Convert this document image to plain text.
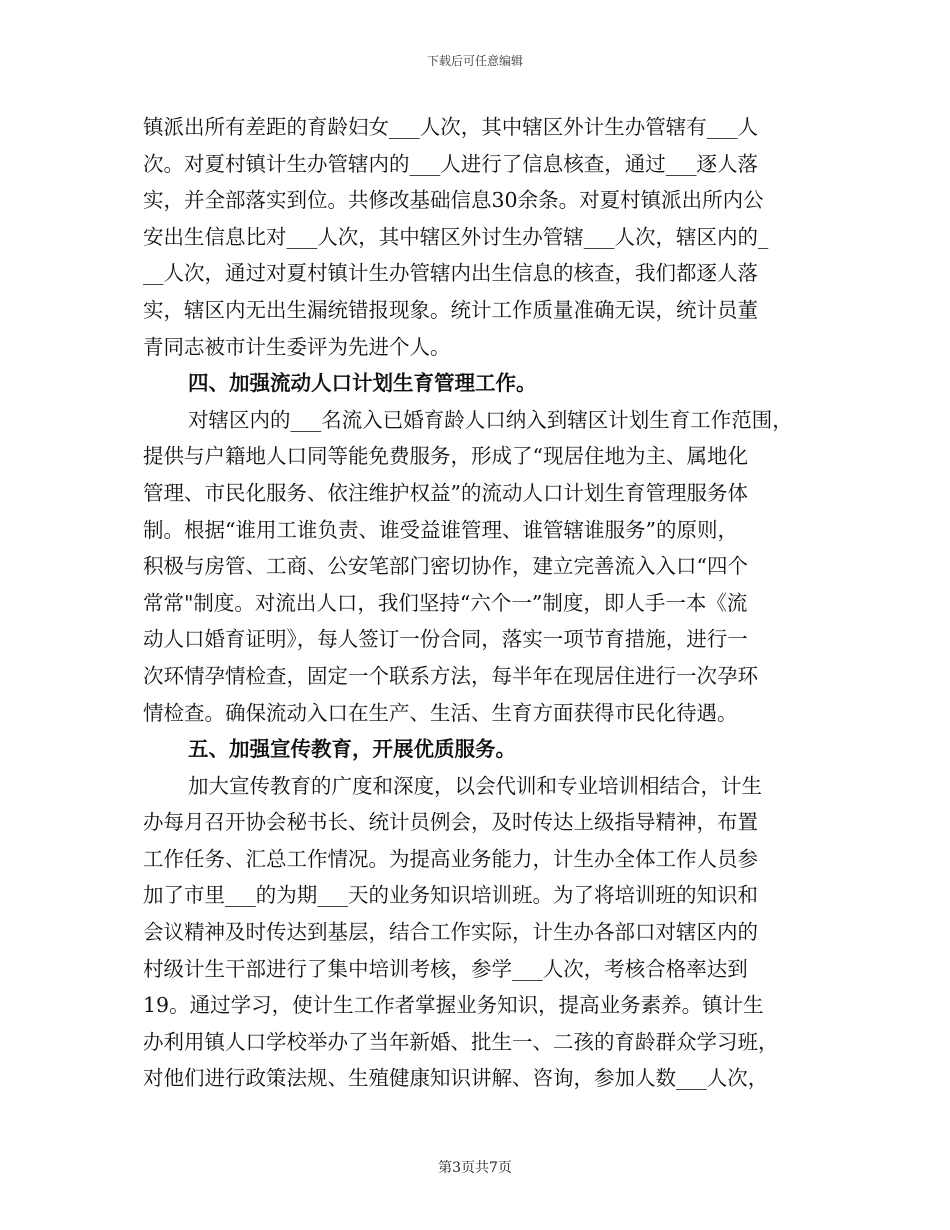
下载后可任意编辑
镇派出所有差距的育龄妇女___人次，其中辖区外计生办管辖有___人
次。对夏村镇计生办管辖内的___人进行了信息核查，通过___逐人落
实，并全部落实到位。共修改基础信息30余条。对夏村镇派出所内公
安出生信息比对___人次，其中辖区外讨生办管辖___人次，辖区内的_
__人次，通过对夏村镇计生办管辖内出生信息的核查，我们都逐人落
实，辖区内无出生漏统错报现象。统计工作质量准确无误，统计员董
青同志被市计生委评为先进个人。
四、加强流动人口计划生育管理工作。
对辖区内的___名流入已婚育龄人口纳入到辖区计划生育工作范围，
提供与户籍地人口同等能免费服务，形成了“现居住地为主、属地化
管理、市民化服务、依注维护权益”的流动人口计划生育管理服务体
制。根据“谁用工谁负责、谁受益谁管理、谁管辖谁服务”的原则，
积极与房管、工商、公安笔部门密切协作，建立完善流入入口“四个
常常"制度。对流出人口，我们坚持“六个一”制度，即人手一本《流
动人口婚育证明》，每人签订一份合同，落实一项节育措施，进行一
次环情孕情检查，固定一个联系方法，每半年在现居住进行一次孕环
情检查。确保流动入口在生产、生活、生育方面获得市民化待遇。
五、加强宣传教育，开展优质服务。
加大宣传教育的广度和深度，以会代训和专业培训相结合，计生
办每月召开协会秘书长、统计员例会，及时传达上级指导精神，布置
工作任务、汇总工作情况。为提高业务能力，计生办全体工作人员参
加了市里___的为期___天的业务知识培训班。为了将培训班的知识和
会议精神及时传达到基层，结合工作实际，计生办各部口对辖区内的
村级计生干部进行了集中培训考核，参学___人次，考核合格率达到
19。通过学习，使计生工作者掌握业务知识，提高业务素养。镇计生
办利用镇人口学校举办了当年新婚、批生一、二孩的育龄群众学习班，
对他们进行政策法规、生殖健康知识讲解、咨询，参加人数___人次，
第3页共7页
